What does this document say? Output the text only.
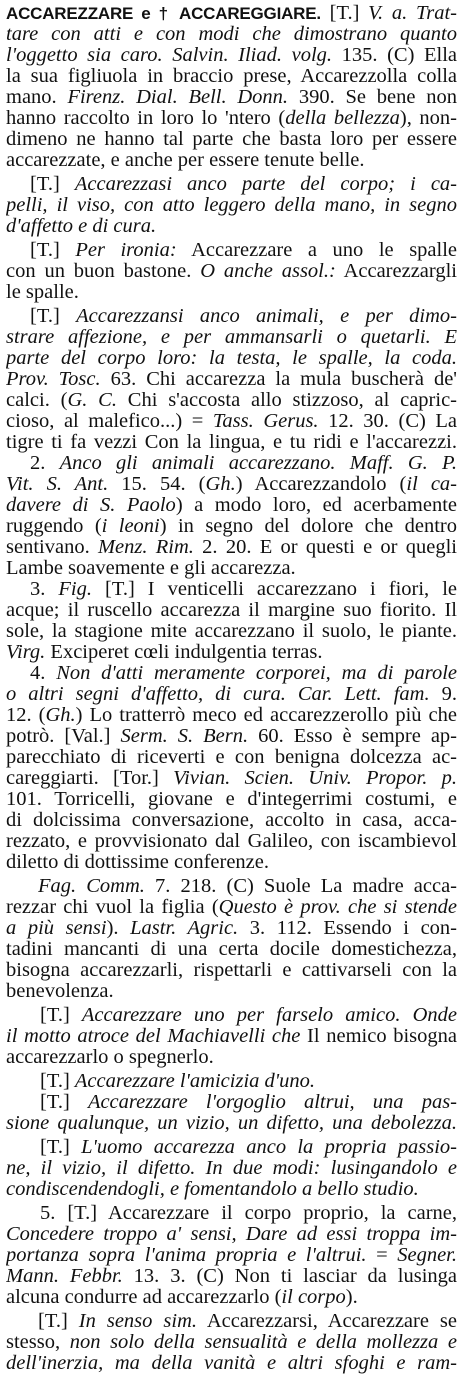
ACCAREZZARE e † ACCAREGGIARE. [T.] V. a. Trat-
tare con atti e con modi che dimostrano quanto
l'oggetto sia caro. Salvin. Iliad. volg. 135. (C) Ella
la sua figliuola in braccio prese, Accarezzolla colla
mano. Firenz. Dial. Bell. Donn. 390. Se bene non
hanno raccolto in loro lo 'ntero (della bellezza), non-
dimeno ne hanno tal parte che basta loro per essere
accarezzate, e anche per essere tenute belle.
[T.] Accarezzasi anco parte del corpo; i ca-
pelli, il viso, con atto leggero della mano, in segno
d'affetto e di cura.
[T.] Per ironia: Accarezzare a uno le spalle
con un buon bastone. O anche assol.: Accarezzargli
le spalle.
[T.] Accarezzansi anco animali, e per dimo-
strare affezione, e per ammansarli o quetarli. E
parte del corpo loro: la testa, le spalle, la coda.
Prov. Tosc. 63. Chi accarezza la mula buscherà de'
calci. (G. C. Chi s'accosta allo stizzoso, al capric-
cioso, al malefico...) = Tass. Gerus. 12. 30. (C) La
tigre ti fa vezzi Con la lingua, e tu ridi e l'accarezzi.
2. Anco gli animali accarezzano. Maff. G. P.
Vit. S. Ant. 15. 54. (Gh.) Accarezzandolo (il ca-
davere di S. Paolo) a modo loro, ed acerbamente
ruggendo (i leoni) in segno del dolore che dentro
sentivano. Menz. Rim. 2. 20. E or questi e or quegli
Lambe soavemente e gli accarezza.
3. Fig. [T.] I venticelli accarezzano i fiori, le
acque; il ruscello accarezza il margine suo fiorito. Il
sole, la stagione mite accarezzano il suolo, le piante.
Virg. Exciperet cœli indulgentia terras.
4. Non d'atti meramente corporei, ma di parole
o altri segni d'affetto, di cura. Car. Lett. fam. 9.
12. (Gh.) Lo tratterrò meco ed accarezzerollo più che
potrò. [Val.] Serm. S. Bern. 60. Esso è sempre ap-
parecchiato di riceverti e con benigna dolcezza ac-
careggiarti. [Tor.] Vivian. Scien. Univ. Propor. p.
101. Torricelli, giovane e d'integerrimi costumi, e
di dolcissima conversazione, accolto in casa, acca-
rezzato, e provvisionato dal Galileo, con iscambievol
diletto di dottissime conferenze.
Fag. Comm. 7. 218. (C) Suole La madre acca-
rezzar chi vuol la figlia (Questo è prov. che si stende
a più sensi). Lastr. Agric. 3. 112. Essendo i con-
tadini mancanti di una certa docile domestichezza,
bisogna accarezzarli, rispettarli e cattivarseli con la
benevolenza.
[T.] Accarezzare uno per farselo amico. Onde
il motto atroce del Machiavelli che Il nemico bisogna
accarezzarlo o spegnerlo.
[T.] Accarezzare l'amicizia d'uno.
[T.] Accarezzare l'orgoglio altrui, una pas-
sione qualunque, un vizio, un difetto, una debolezza.
[T.] L'uomo accarezza anco la propria passio-
ne, il vizio, il difetto. In due modi: lusingandolo e
condiscendendogli, e fomentandolo a bello studio.
5. [T.] Accarezzare il corpo proprio, la carne,
Concedere troppo a' sensi, Dare ad essi troppa im-
portanza sopra l'anima propria e l'altrui. = Segner.
Mann. Febbr. 13. 3. (C) Non ti lasciar da lusinga
alcuna condurre ad accarezzarlo (il corpo).
[T.] In senso sim. Accarezzarsi, Accarezzare se
stesso, non solo della sensualità e della mollezza e
dell'inerzia, ma della vanità e altri sfoghi e ram-
